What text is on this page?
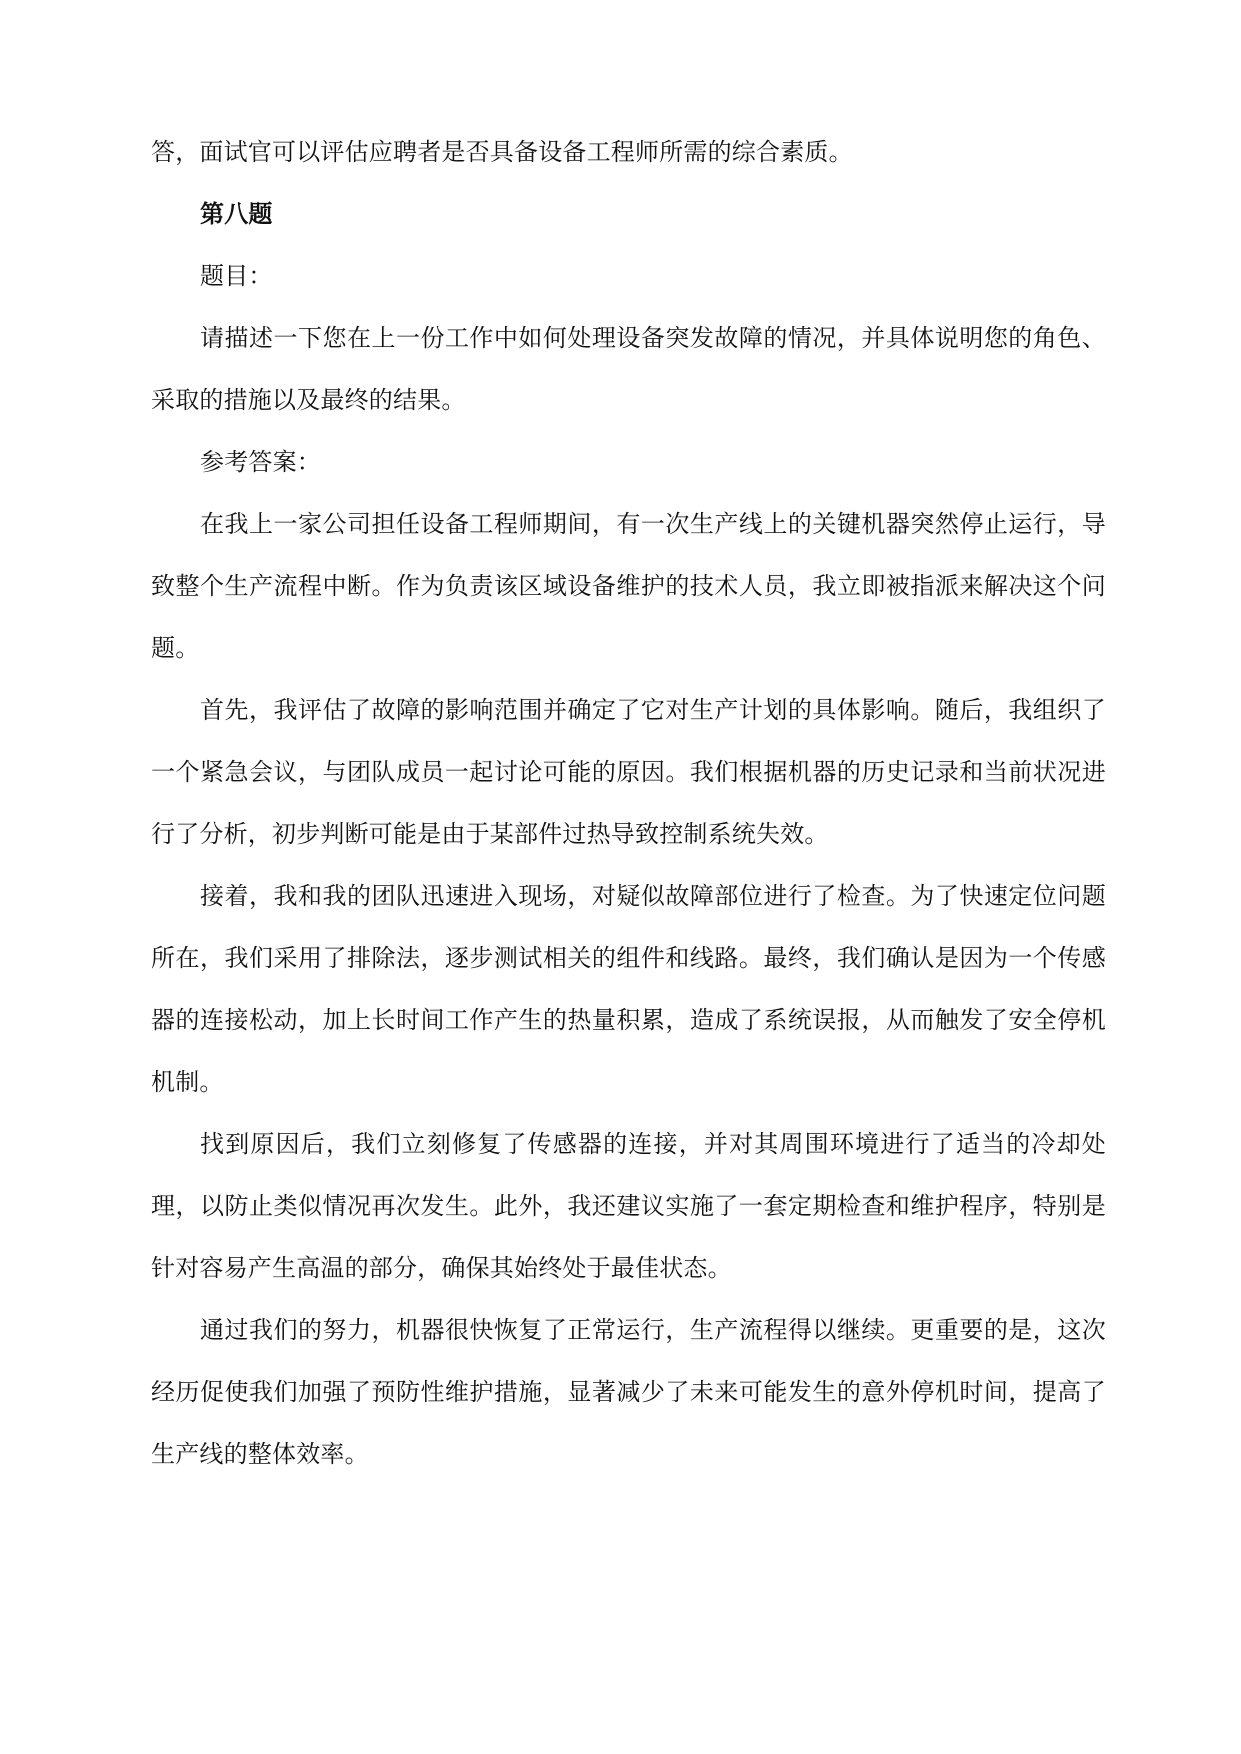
答，面试官可以评估应聘者是否具备设备工程师所需的综合素质。

第八题

题目：

请描述一下您在上一份工作中如何处理设备突发故障的情况，并具体说明您的角色、采取的措施以及最终的结果。

参考答案：

在我上一家公司担任设备工程师期间，有一次生产线上的关键机器突然停止运行，导致整个生产流程中断。作为负责该区域设备维护的技术人员，我立即被指派来解决这个问题。

首先，我评估了故障的影响范围并确定了它对生产计划的具体影响。随后，我组织了一个紧急会议，与团队成员一起讨论可能的原因。我们根据机器的历史记录和当前状况进行了分析，初步判断可能是由于某部件过热导致控制系统失效。

接着，我和我的团队迅速进入现场，对疑似故障部位进行了检查。为了快速定位问题所在，我们采用了排除法，逐步测试相关的组件和线路。最终，我们确认是因为一个传感器的连接松动，加上长时间工作产生的热量积累，造成了系统误报，从而触发了安全停机机制。

找到原因后，我们立刻修复了传感器的连接，并对其周围环境进行了适当的冷却处理，以防止类似情况再次发生。此外，我还建议实施了一套定期检查和维护程序，特别是针对容易产生高温的部分，确保其始终处于最佳状态。

通过我们的努力，机器很快恢复了正常运行，生产流程得以继续。更重要的是，这次经历促使我们加强了预防性维护措施，显著减少了未来可能发生的意外停机时间，提高了生产线的整体效率。
